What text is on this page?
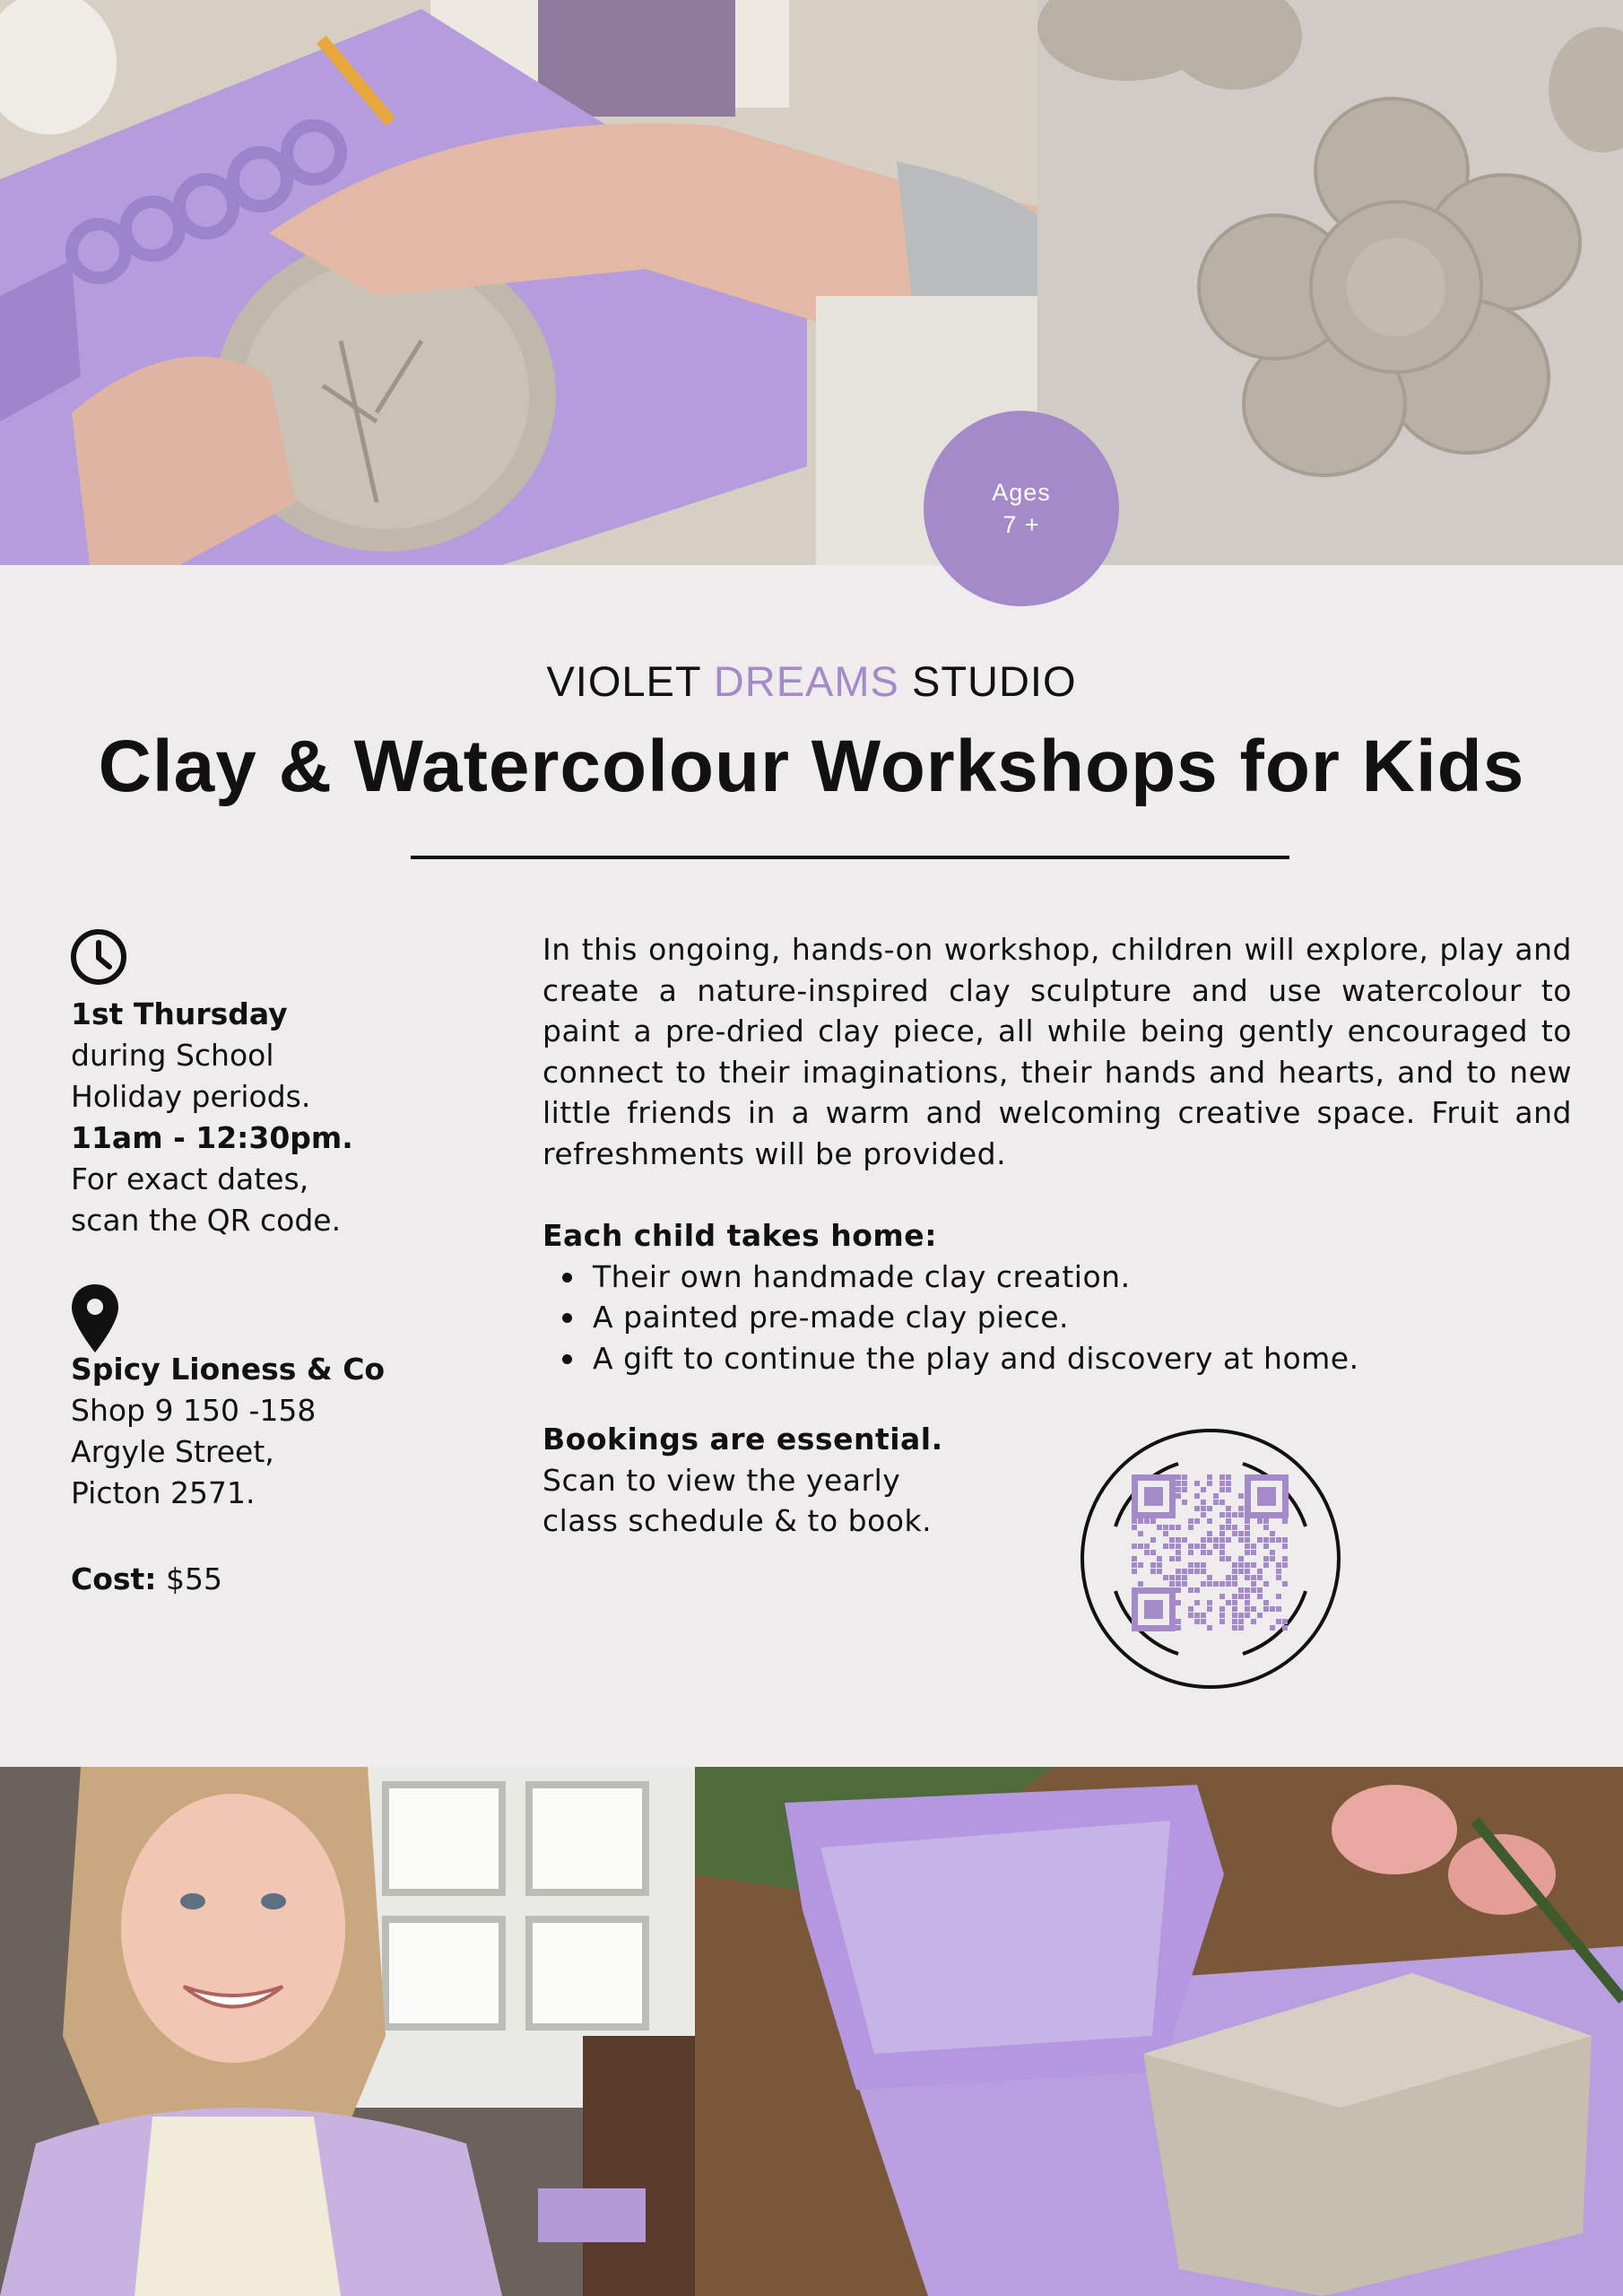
Ages
7 +
VIOLET DREAMS STUDIO
Clay & Watercolour Workshops for Kids
1st Thursday
during School
Holiday periods.
11am - 12:30pm.
For exact dates,
scan the QR code.
Spicy Lioness & Co
Shop 9 150 -158
Argyle Street,
Picton 2571.
Cost: $55
In this ongoing, hands-on workshop, children will explore, play and create a nature-inspired clay sculpture and use watercolour to paint a pre-dried clay piece, all while being gently encouraged to connect to their imaginations, their hands and hearts, and to new little friends in a warm and welcoming creative space. Fruit and refreshments will be provided.
Each child takes home:
Their own handmade clay creation.
A painted pre-made clay piece.
A gift to continue the play and discovery at home.
Bookings are essential.
Scan to view the yearly
class schedule & to book.
